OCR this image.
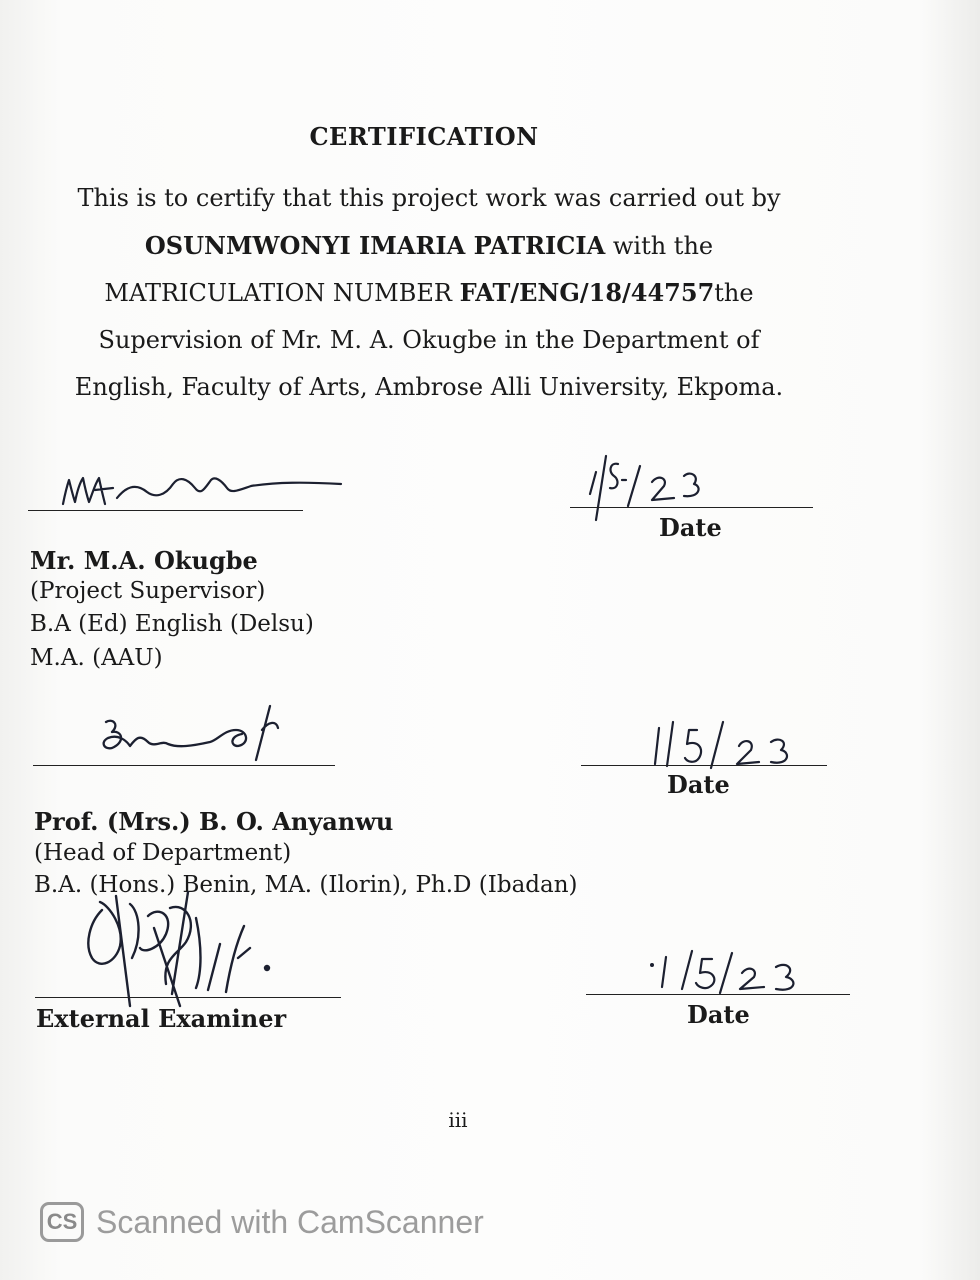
CERTIFICATION
This is to certify that this project work was carried out by
OSUNMWONYI IMARIA PATRICIA with the
MATRICULATION NUMBER FAT/ENG/18/44757the
Supervision of Mr. M. A. Okugbe in the Department of
English, Faculty of Arts, Ambrose Alli University, Ekpoma.
Date
Mr. M.A. Okugbe
(Project Supervisor)
B.A (Ed) English (Delsu)
M.A. (AAU)
Date
Prof. (Mrs.) B. O. Anyanwu
(Head of Department)
B.A. (Hons.) Benin, MA. (Ilorin), Ph.D (Ibadan)
External Examiner	Date
iii
CS Scanned with CamScanner
